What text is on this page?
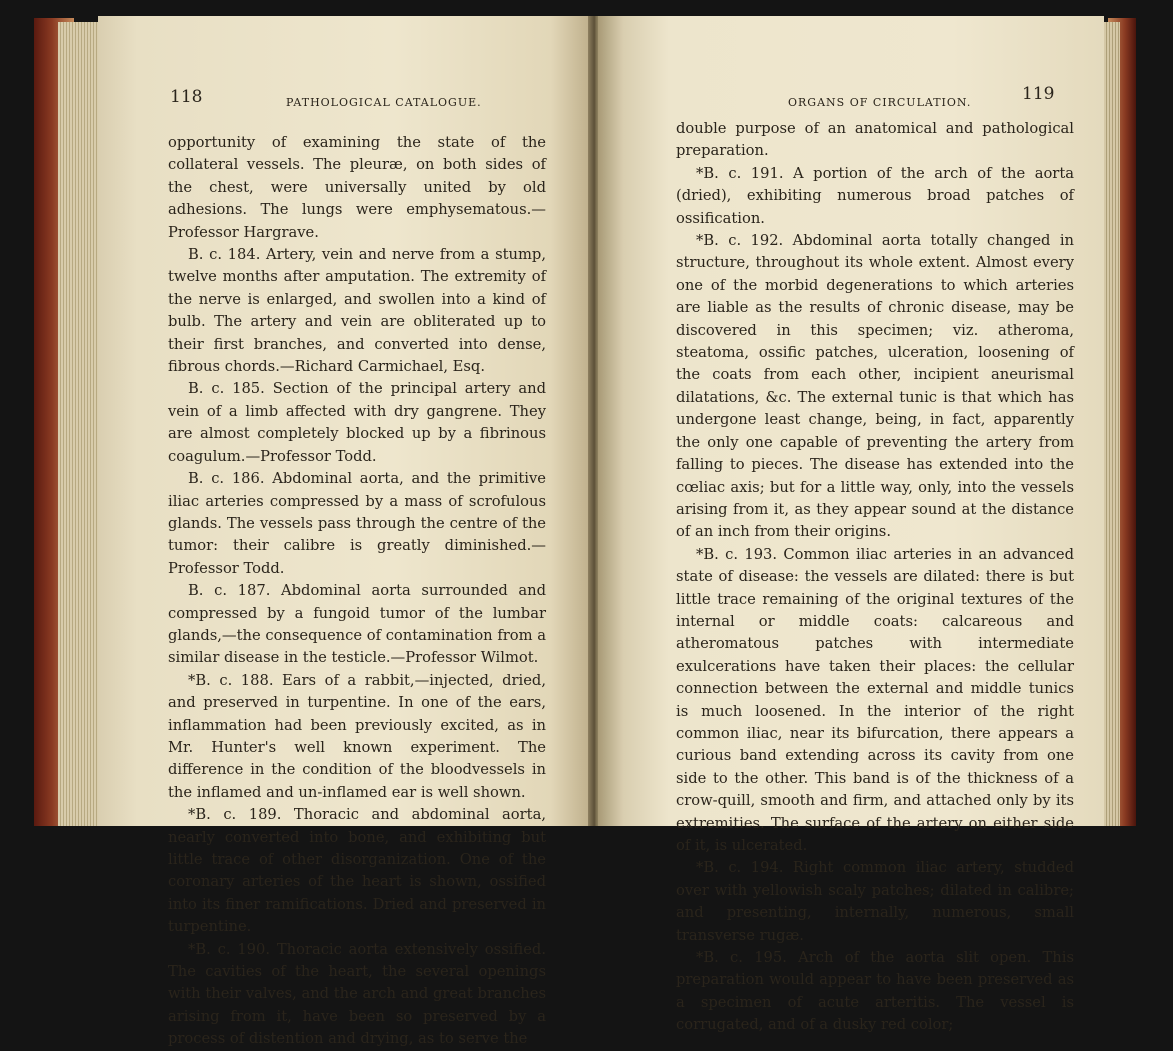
118	PATHOLOGICAL CATALOGUE.

opportunity of examining the state of the collateral vessels. The pleuræ, on both sides of the chest, were universally united by old adhesions. The lungs were emphysematous.—Professor Hargrave.

B. c. 184. Artery, vein and nerve from a stump, twelve months after amputation. The extremity of the nerve is enlarged, and swollen into a kind of bulb. The artery and vein are obliterated up to their first branches, and converted into dense, fibrous chords.—Richard Carmichael, Esq.

B. c. 185. Section of the principal artery and vein of a limb affected with dry gangrene. They are almost completely blocked up by a fibrinous coagulum.—Professor Todd.

B. c. 186. Abdominal aorta, and the primitive iliac arteries compressed by a mass of scrofulous glands. The vessels pass through the centre of the tumor: their calibre is greatly diminished.—Professor Todd.

B. c. 187. Abdominal aorta surrounded and compressed by a fungoid tumor of the lumbar glands,—the consequence of contamination from a similar disease in the testicle.—Professor Wilmot.

*B. c. 188. Ears of a rabbit,—injected, dried, and preserved in turpentine. In one of the ears, inflammation had been previously excited, as in Mr. Hunter's well known experiment. The difference in the condition of the bloodvessels in the inflamed and un-inflamed ear is well shown.

*B. c. 189. Thoracic and abdominal aorta, nearly converted into bone, and exhibiting but little trace of other disorganization. One of the coronary arteries of the heart is shown, ossified into its finer ramifications. Dried and preserved in turpentine.

*B. c. 190. Thoracic aorta extensively ossified. The cavities of the heart, the several openings with their valves, and the arch and great branches arising from it, have been so preserved by a process of distention and drying, as to serve the

ORGANS OF CIRCULATION.	119

double purpose of an anatomical and pathological preparation.

*B. c. 191. A portion of the arch of the aorta (dried), exhibiting numerous broad patches of ossification.

*B. c. 192. Abdominal aorta totally changed in structure, throughout its whole extent. Almost every one of the morbid degenerations to which arteries are liable as the results of chronic disease, may be discovered in this specimen; viz. atheroma, steatoma, ossific patches, ulceration, loosening of the coats from each other, incipient aneurismal dilatations, &c. The external tunic is that which has undergone least change, being, in fact, apparently the only one capable of preventing the artery from falling to pieces. The disease has extended into the cœliac axis; but for a little way, only, into the vessels arising from it, as they appear sound at the distance of an inch from their origins.

*B. c. 193. Common iliac arteries in an advanced state of disease: the vessels are dilated: there is but little trace remaining of the original textures of the internal or middle coats: calcareous and atheromatous patches with intermediate exulcerations have taken their places: the cellular connection between the external and middle tunics is much loosened. In the interior of the right common iliac, near its bifurcation, there appears a curious band extending across its cavity from one side to the other. This band is of the thickness of a crow-quill, smooth and firm, and attached only by its extremities. The surface of the artery on either side of it, is ulcerated.

*B. c. 194. Right common iliac artery, studded over with yellowish scaly patches; dilated in calibre; and presenting, internally, numerous, small transverse rugæ.

*B. c. 195. Arch of the aorta slit open. This preparation would appear to have been preserved as a specimen of acute arteritis. The vessel is corrugated, and of a dusky red color;
